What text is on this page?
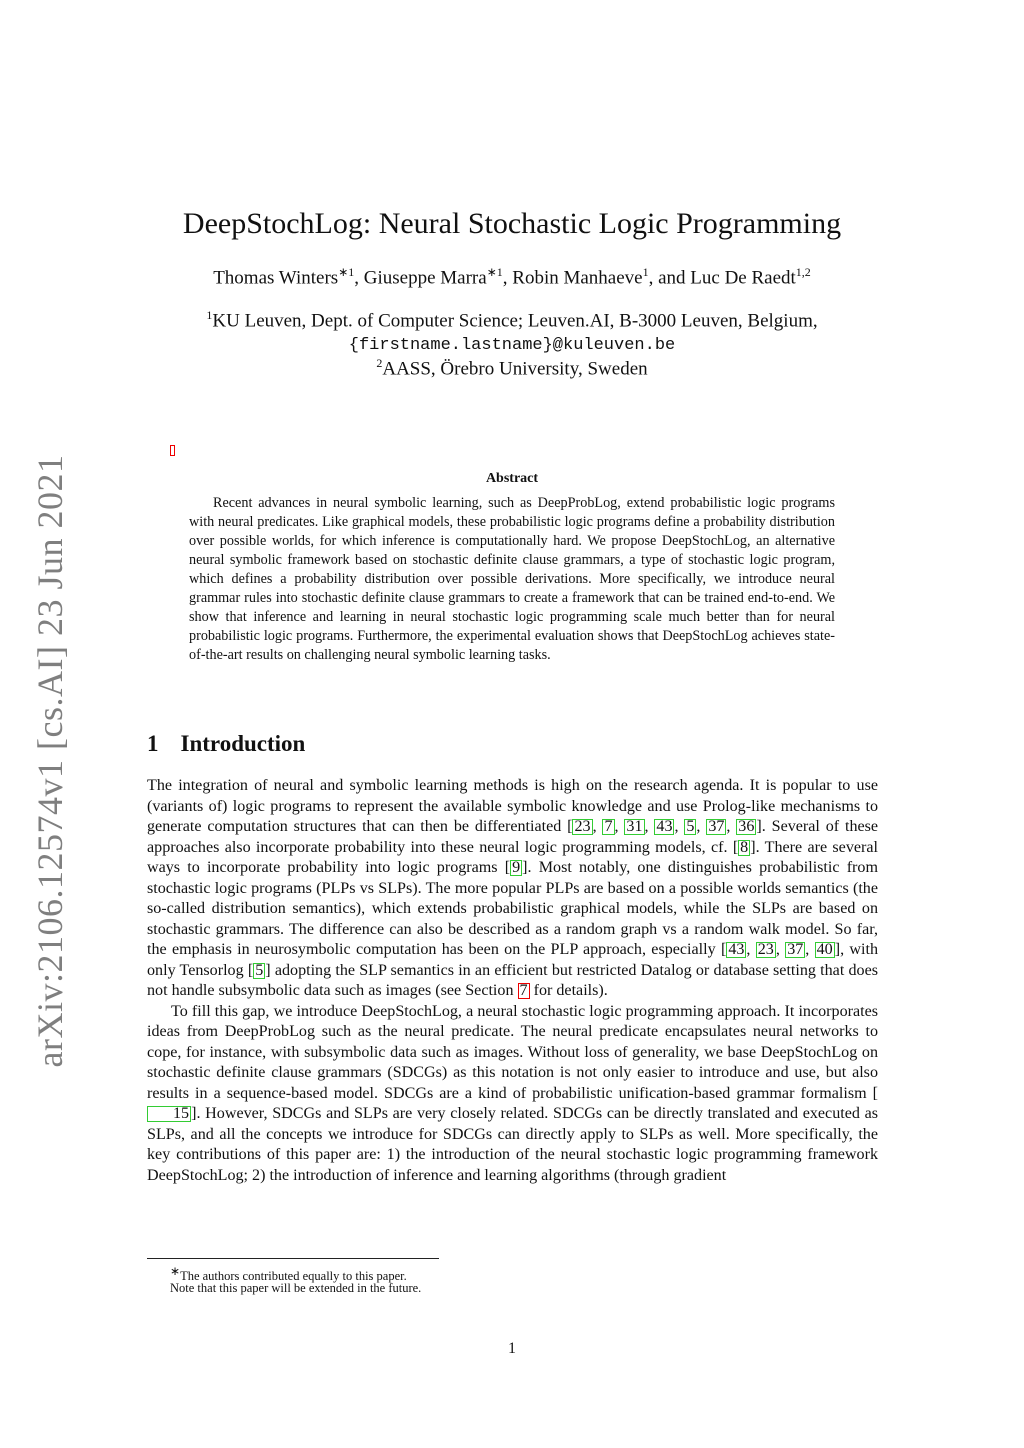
arXiv:2106.12574v1 [cs.AI] 23 Jun 2021
DeepStochLog: Neural Stochastic Logic Programming
Thomas Winters$^{∗1}$, Giuseppe Marra$^{∗1}$, Robin Manhaeve$^1$, and Luc De Raedt$^{1,2}$
$^1$KU Leuven, Dept. of Computer Science; Leuven.AI, B-3000 Leuven, Belgium,
{firstname.lastname}@kuleuven.be
$^2$AASS, Örebro University, Sweden
Abstract

Recent advances in neural symbolic learning, such as DeepProbLog, extend probabilistic logic programs with neural predicates. Like graphical models, these probabilistic logic programs define a probability distribution over possible worlds, for which inference is computationally hard. We propose DeepStochLog, an alternative neural symbolic framework based on stochastic definite clause grammars, a type of stochastic logic program, which defines a probability distribution over possible derivations. More specifically, we introduce neural grammar rules into stochastic definite clause grammars to create a framework that can be trained end-to-end. We show that inference and learning in neural stochastic logic programming scale much better than for neural probabilistic logic programs. Furthermore, the experimental evaluation shows that DeepStochLog achieves state-of-the-art results on challenging neural symbolic learning tasks.

1 Introduction

The integration of neural and symbolic learning methods is high on the research agenda. It is popular to use (variants of) logic programs to represent the available symbolic knowledge and use Prolog-like mechanisms to generate computation structures that can then be differentiated [ 23 , 7 , 31 , 43 , 5 , 37 , 36 ]. Several of these approaches also incorporate probability into these neural logic programming models, cf. [ 8 ]. There are several ways to incorporate probability into logic programs [ 9 ]. Most notably, one distinguishes probabilistic from stochastic logic programs (PLPs vs SLPs). The more popular PLPs are based on a possible worlds semantics (the so-called distribution semantics), which extends probabilistic graphical models, while the SLPs are based on stochastic grammars. The difference can also be described as a random graph vs a random walk model. So far, the emphasis in neurosymbolic computation has been on the PLP approach, especially [ 43 , 23 , 37 , 40 ], with only Tensorlog [ 5 ] adopting the SLP semantics in an efficient but restricted Datalog or database setting that does not handle subsymbolic data such as images (see Section 7 for details).

To fill this gap, we introduce DeepStochLog, a neural stochastic logic programming approach. It incorporates ideas from DeepProbLog such as the neural predicate. The neural predicate encapsulates neural networks to cope, for instance, with subsymbolic data such as images. Without loss of generality, we base DeepStochLog on stochastic definite clause grammars (SDCGs) as this notation is not only easier to introduce and use, but also results in a sequence-based model. SDCGs are a kind of probabilistic unification-based grammar formalism [15 ]. However, SDCGs and SLPs are very closely related. SDCGs can be directly translated and executed as SLPs, and all the concepts we introduce for SDCGs can directly apply to SLPs as well. More specifically, the key contributions of this paper are: 1) the introduction of the neural stochastic logic programming framework DeepStochLog; 2) the introduction of inference and learning algorithms (through gradient

∗The authors contributed equally to this paper.
Note that this paper will be extended in the future.
1
